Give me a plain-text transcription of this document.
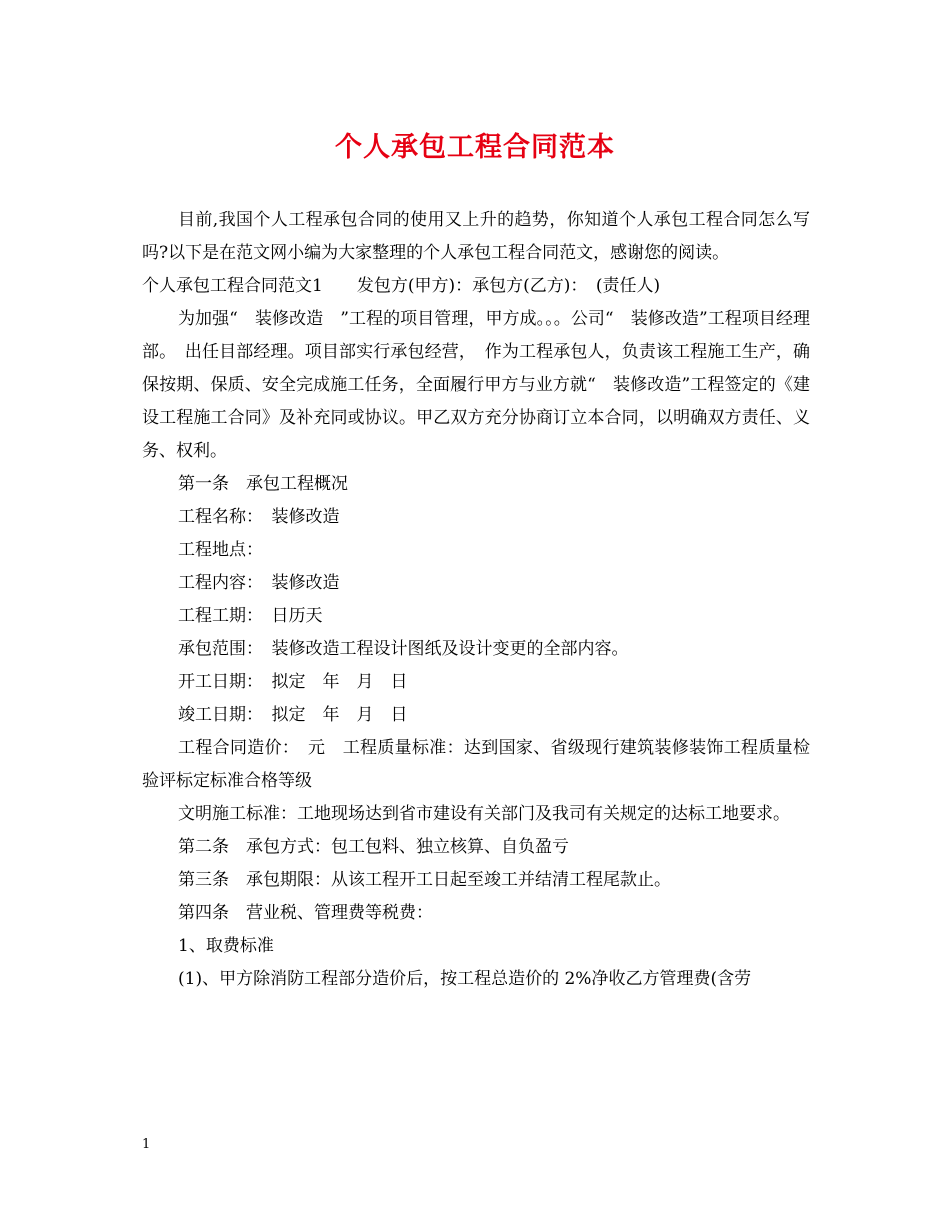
个人承包工程合同范本

目前,我国个人工程承包合同的使用又上升的趋势，你知道个人承包工程合同怎么写吗?以下是在范文网小编为大家整理的个人承包工程合同范文，感谢您的阅读。

个人承包工程合同范文1　　发包方(甲方)：承包方(乙方)：　(责任人)

为加强“　装修改造　”工程的项目管理，甲方成。。。公司“　装修改造”工程项目经理部。　出任目部经理。项目部实行承包经营，　作为工程承包人，负责该工程施工生产，确保按期、保质、安全完成施工任务，全面履行甲方与业方就“　装修改造”工程签定的《建设工程施工合同》及补充同或协议。甲乙双方充分协商订立本合同，以明确双方责任、义务、权利。

第一条　承包工程概况

工程名称：　装修改造

工程地点：

工程内容：　装修改造

工程工期：　日历天

承包范围：　装修改造工程设计图纸及设计变更的全部内容。

开工日期：　拟定　年　月　日

竣工日期：　拟定　年　月　日

工程合同造价：　元　工程质量标准：达到国家、省级现行建筑装修装饰工程质量检验评标定标准合格等级

文明施工标准：工地现场达到省市建设有关部门及我司有关规定的达标工地要求。

第二条　承包方式：包工包料、独立核算、自负盈亏

第三条　承包期限：从该工程开工日起至竣工并结清工程尾款止。

第四条　营业税、管理费等税费：

1、取费标准

(1)、甲方除消防工程部分造价后，按工程总造价的 2%净收乙方管理费(含劳

1
